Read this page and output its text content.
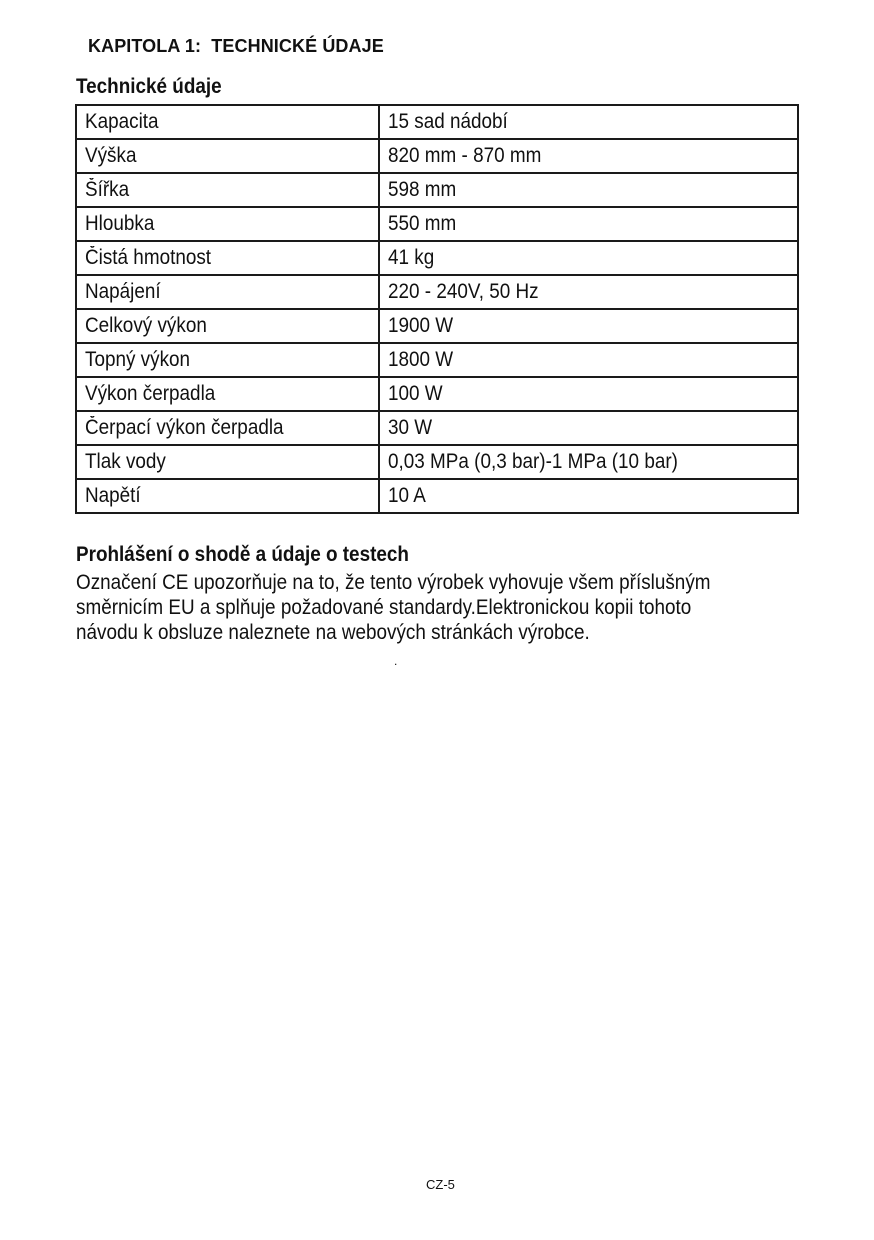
KAPITOLA 1:  TECHNICKÉ ÚDAJE
Technické údaje
Kapacita	15 sad nádobí
Výška	820 mm - 870 mm
Šířka	598 mm
Hloubka	550 mm
Čistá hmotnost	41 kg
Napájení	220 - 240V, 50 Hz
Celkový výkon	1900 W
Topný výkon	1800 W
Výkon čerpadla	100 W
Čerpací výkon čerpadla	30 W
Tlak vody	0,03 MPa (0,3 bar)-1 MPa (10 bar)
Napětí	10 A
Prohlášení o shodě a údaje o testech
Označení CE upozorňuje na to, že tento výrobek vyhovuje všem příslušným
směrnicím EU a splňuje požadované standardy.Elektronickou kopii tohoto
návodu k obsluze naleznete na webových stránkách výrobce.
.
CZ-5
